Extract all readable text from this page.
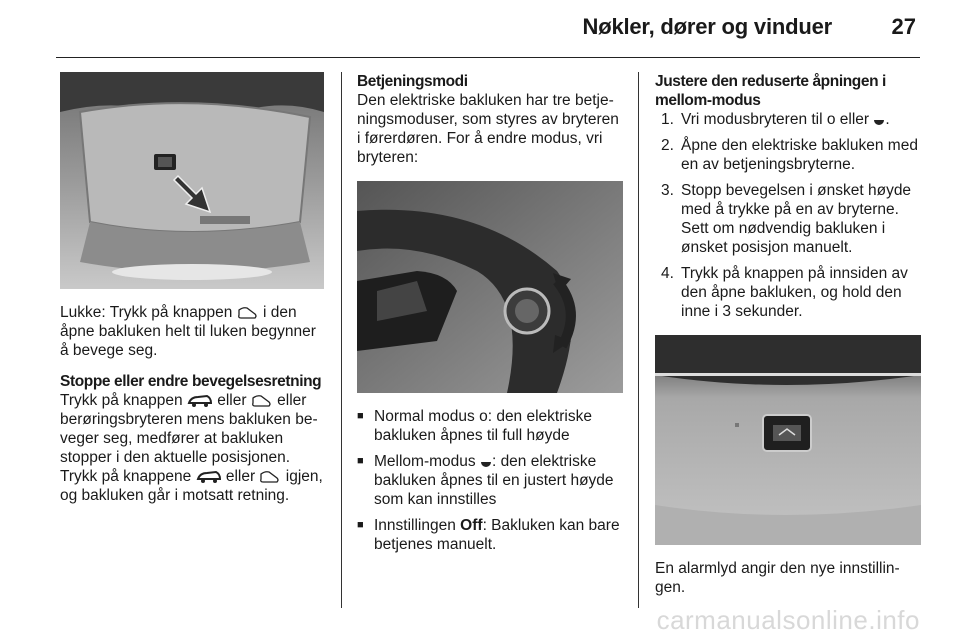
Nøkler, dører og vinduer	27

Lukke: Trykk på knappen  i den åpne bakluken helt til luken begynner å bevege seg.

Stoppe eller endre bevegelsesretning

Trykk på knappen  eller  eller berøringsbryteren mens bakluken beveger seg, medfører at bakluken stopper i den aktuelle posisjonen.

Trykk på knappene  eller  igjen, og bakluken går i motsatt retning.

Betjeningsmodi

Den elektriske bakluken har tre betjeningsmoduser, som styres av bryteren i førerdøren. For å endre modus, vri bryteren:

■ Normal modus o: den elektriske bakluken åpnes til full høyde
■ Mellom-modus : den elektriske bakluken åpnes til en justert høyde som kan innstilles
■ Innstillingen Off: Bakluken kan bare betjenes manuelt.

Justere den reduserte åpningen i mellom-modus

1. Vri modusbryteren til o eller .
2. Åpne den elektriske bakluken med en av betjeningsbryterne.
3. Stopp bevegelsen i ønsket høyde med å trykke på en av bryterne. Sett om nødvendig bakluken i ønsket posisjon manuelt.
4. Trykk på knappen på innsiden av den åpne bakluken, og hold den inne i 3 sekunder.

En alarmlyd angir den nye innstillingen.

carmanualsonline.info
